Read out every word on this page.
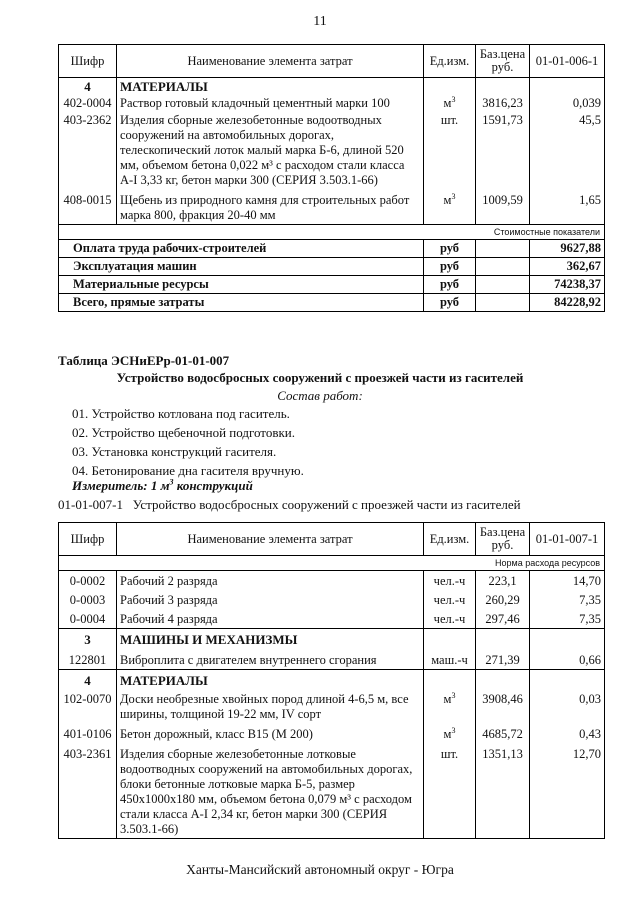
11
Шифр	Наименование элемента затрат	Ед.изм.	Баз.цена руб.	01-01-006-1
4	МАТЕРИАЛЫ			
402-0004	Раствор готовый кладочный цементный марки 100	$м^3$	3816,23	0,039
403-2362	Изделия сборные железобетонные водоотводных сооружений на автомобильных дорогах, телескопический лоток малый марка Б-6, длиной 520 мм, объемом бетона 0,022 м³ с расходом стали класса А-I 3,33 кг, бетон марки 300 (СЕРИЯ 3.503.1-66)	шт.	1591,73	45,5
408-0015	Щебень из природного камня для строительных работ марка 800, фракция 20-40 мм	$м^3$	1009,59	1,65
Стоимостные показатели				
Оплата труда рабочих-строителей		руб		9627,88
Эксплуатация машин		руб		362,67
Материальные ресурсы		руб		74238,37
Всего, прямые затраты		руб		84228,92
Таблица ЭСНиЕРр-01-01-007
Устройство водосбросных сооружений с проезжей части из гасителей
Состав работ:
01. Устройство котлована под гаситель.
02. Устройство щебеночной подготовки.
03. Установка конструкций гасителя.
04. Бетонирование дна гасителя вручную.
Измеритель: 1 $м^3$ конструкций
01-01-007-1 Устройство водосбросных сооружений с проезжей части из гасителей
Шифр	Наименование элемента затрат	Ед.изм.	Баз.цена руб.	01-01-007-1
Норма расхода ресурсов				
0-0002	Рабочий 2 разряда	чел.-ч	223,1	14,70
0-0003	Рабочий 3 разряда	чел.-ч	260,29	7,35
0-0004	Рабочий 4 разряда	чел.-ч	297,46	7,35
3	МАШИНЫ И МЕХАНИЗМЫ			
122801	Виброплита с двигателем внутреннего сгорания	маш.-ч	271,39	0,66
4	МАТЕРИАЛЫ			
102-0070	Доски необрезные хвойных пород длиной 4-6,5 м, все ширины, толщиной 19-22 мм, IV сорт	$м^3$	3908,46	0,03
401-0106	Бетон дорожный, класс B15 (M 200)	$м^3$	4685,72	0,43
403-2361	Изделия сборные железобетонные лотковые водоотводных сооружений на автомобильных дорогах, блоки бетонные лотковые марка Б-5, размер 450x1000x180 мм, объемом бетона 0,079 м³ с расходом стали класса А-I 2,34 кг, бетон марки 300 (СЕРИЯ 3.503.1-66)	шт.	1351,13	12,70
Ханты-Мансийский автономный округ - Югра
